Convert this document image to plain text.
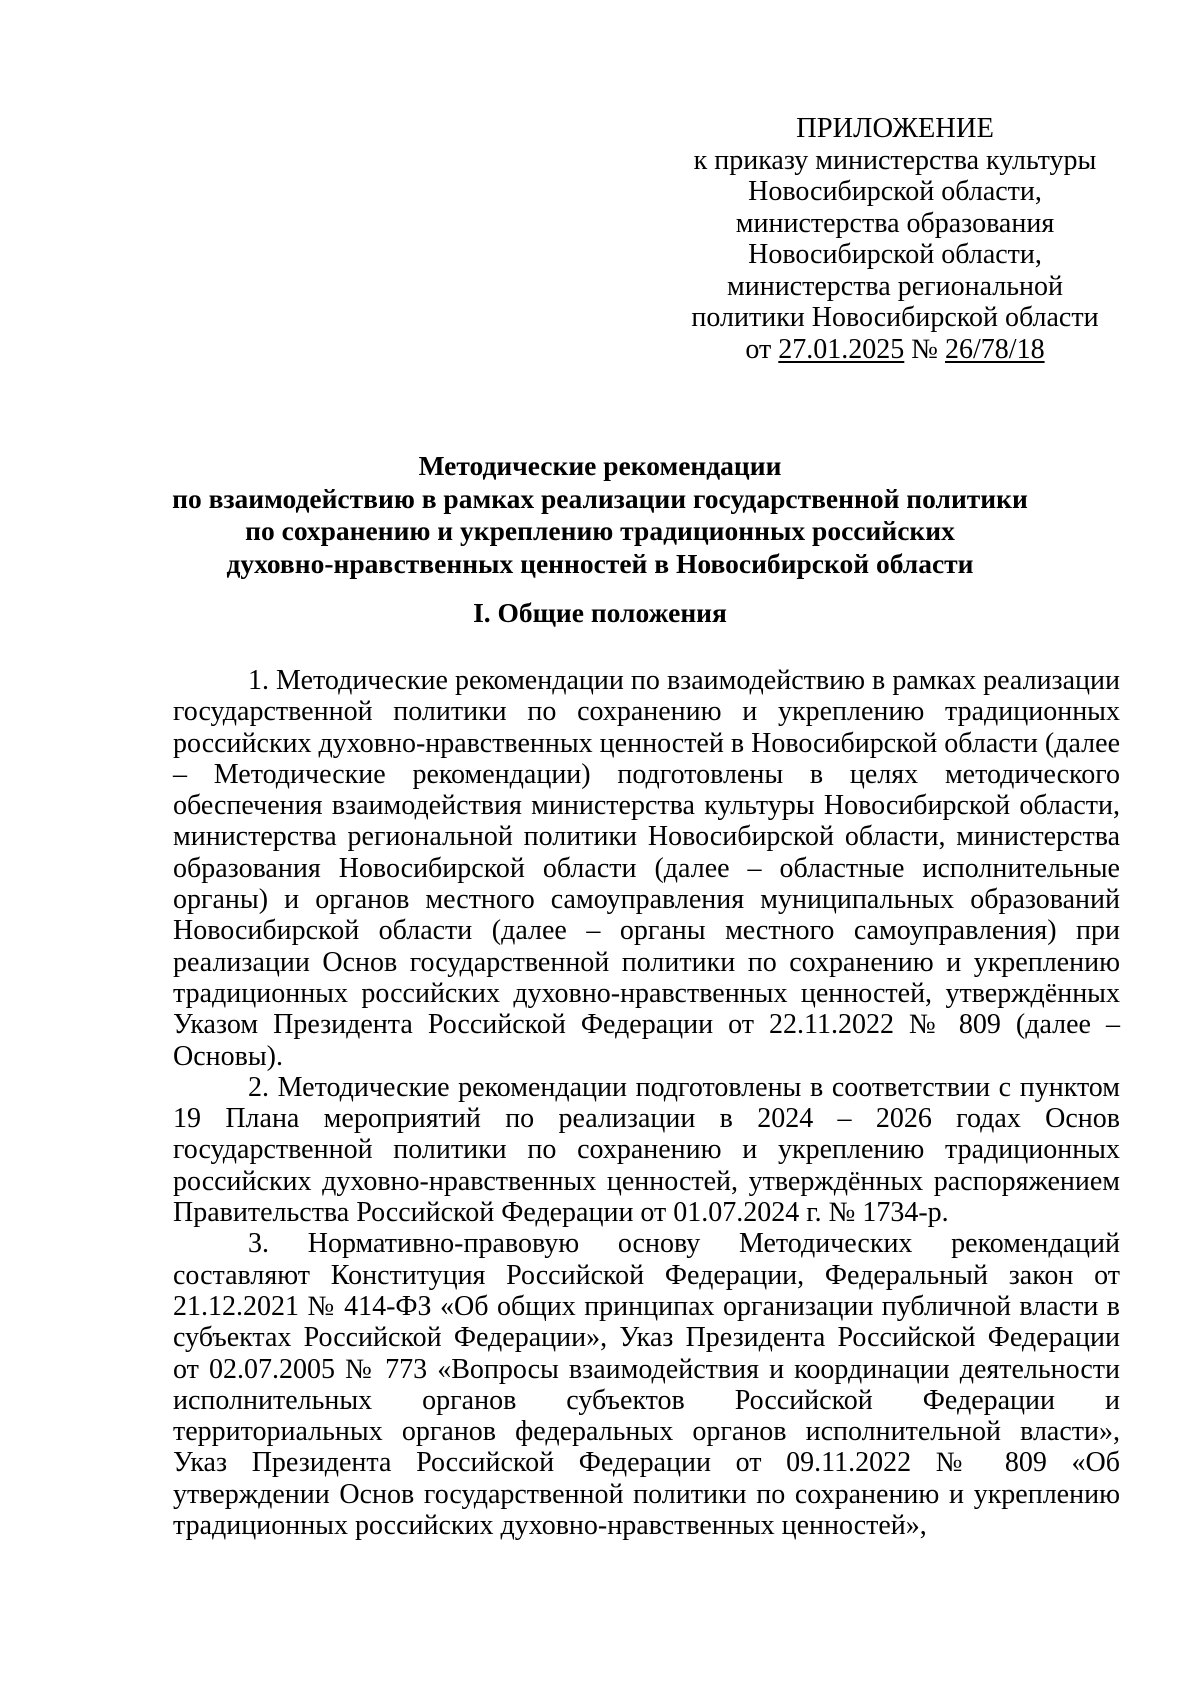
ПРИЛОЖЕНИЕ
к приказу министерства культуры
Новосибирской области,
министерства образования
Новосибирской области,
министерства региональной
политики Новосибирской области
от 27.01.2025 № 26/78/18
Методические рекомендации
по взаимодействию в рамках реализации государственной политики
по сохранению и укреплению традиционных российских
духовно-нравственных ценностей в Новосибирской области
I. Общие положения

1. Методические рекомендации по взаимодействию в рамках реализации государственной политики по сохранению и укреплению традиционных российских духовно-нравственных ценностей в Новосибирской области (далее – Методические рекомендации) подготовлены в целях методического обеспечения взаимодействия министерства культуры Новосибирской области, министерства региональной политики Новосибирской области, министерства образования Новосибирской области (далее – областные исполнительные органы) и органов местного самоуправления муниципальных образований Новосибирской области (далее – органы местного самоуправления) при реализации Основ государственной политики по сохранению и укреплению традиционных российских духовно-нравственных ценностей, утверждённых Указом Президента Российской Федерации от 22.11.2022 № 809 (далее – Основы).

2. Методические рекомендации подготовлены в соответствии с пунктом 19 Плана мероприятий по реализации в 2024 – 2026 годах Основ государственной политики по сохранению и укреплению традиционных российских духовно-нравственных ценностей, утверждённых распоряжением Правительства Российской Федерации от 01.07.2024 г. № 1734-р.

3. Нормативно-правовую основу Методических рекомендаций составляют Конституция Российской Федерации, Федеральный закон от 21.12.2021 № 414-ФЗ «Об общих принципах организации публичной власти в субъектах Российской Федерации», Указ Президента Российской Федерации от 02.07.2005 № 773 «Вопросы взаимодействия и координации деятельности исполнительных органов субъектов Российской Федерации и территориальных органов федеральных органов исполнительной власти», Указ Президента Российской Федерации от 09.11.2022 № 809 «Об утверждении Основ государственной политики по сохранению и укреплению традиционных российских духовно-нравственных ценностей»,
